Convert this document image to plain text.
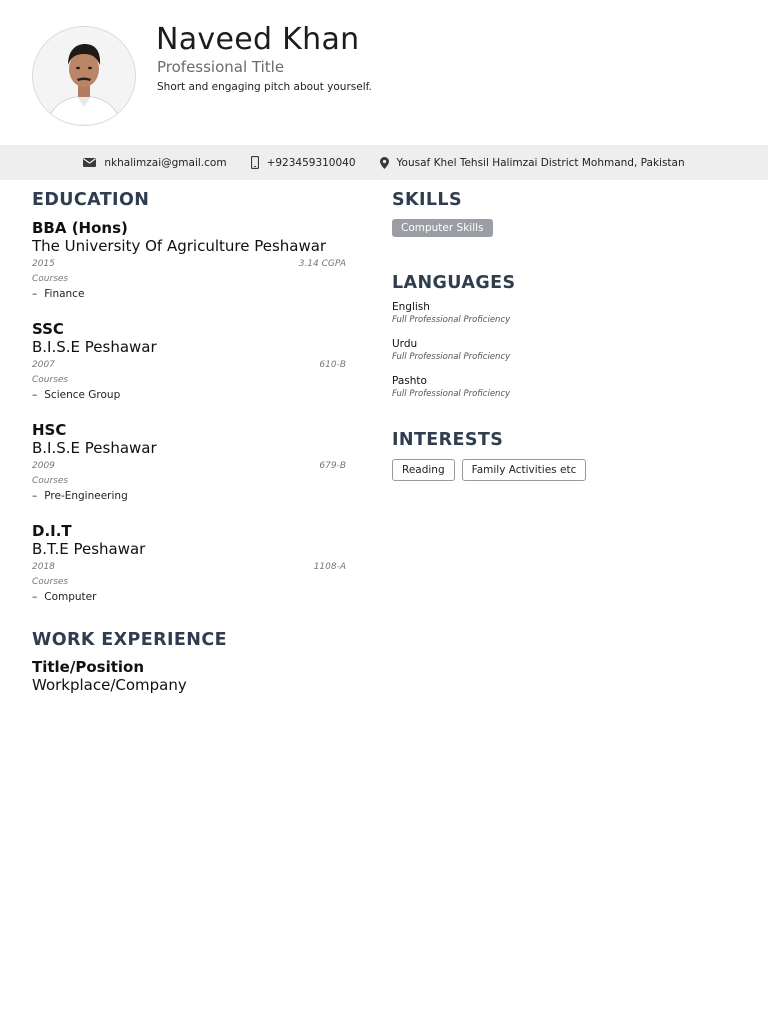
Naveed Khan
Professional Title
Short and engaging pitch about yourself.
nkhalimzai@gmail.com	+923459310040	Yousaf Khel Tehsil Halimzai District Mohmand, Pakistan
EDUCATION
BBA (Hons)
The University Of Agriculture Peshawar
2015	3.14 CGPA
Courses
– Finance
SSC
B.I.S.E Peshawar
2007	610-B
Courses
– Science Group
HSC
B.I.S.E Peshawar
2009	679-B
Courses
– Pre-Engineering
D.I.T
B.T.E Peshawar
2018	1108-A
Courses
– Computer
WORK EXPERIENCE
Title/Position
Workplace/Company
SKILLS
Computer Skills
LANGUAGES
English
Full Professional Proficiency
Urdu
Full Professional Proficiency
Pashto
Full Professional Proficiency
INTERESTS
Reading	Family Activities etc
